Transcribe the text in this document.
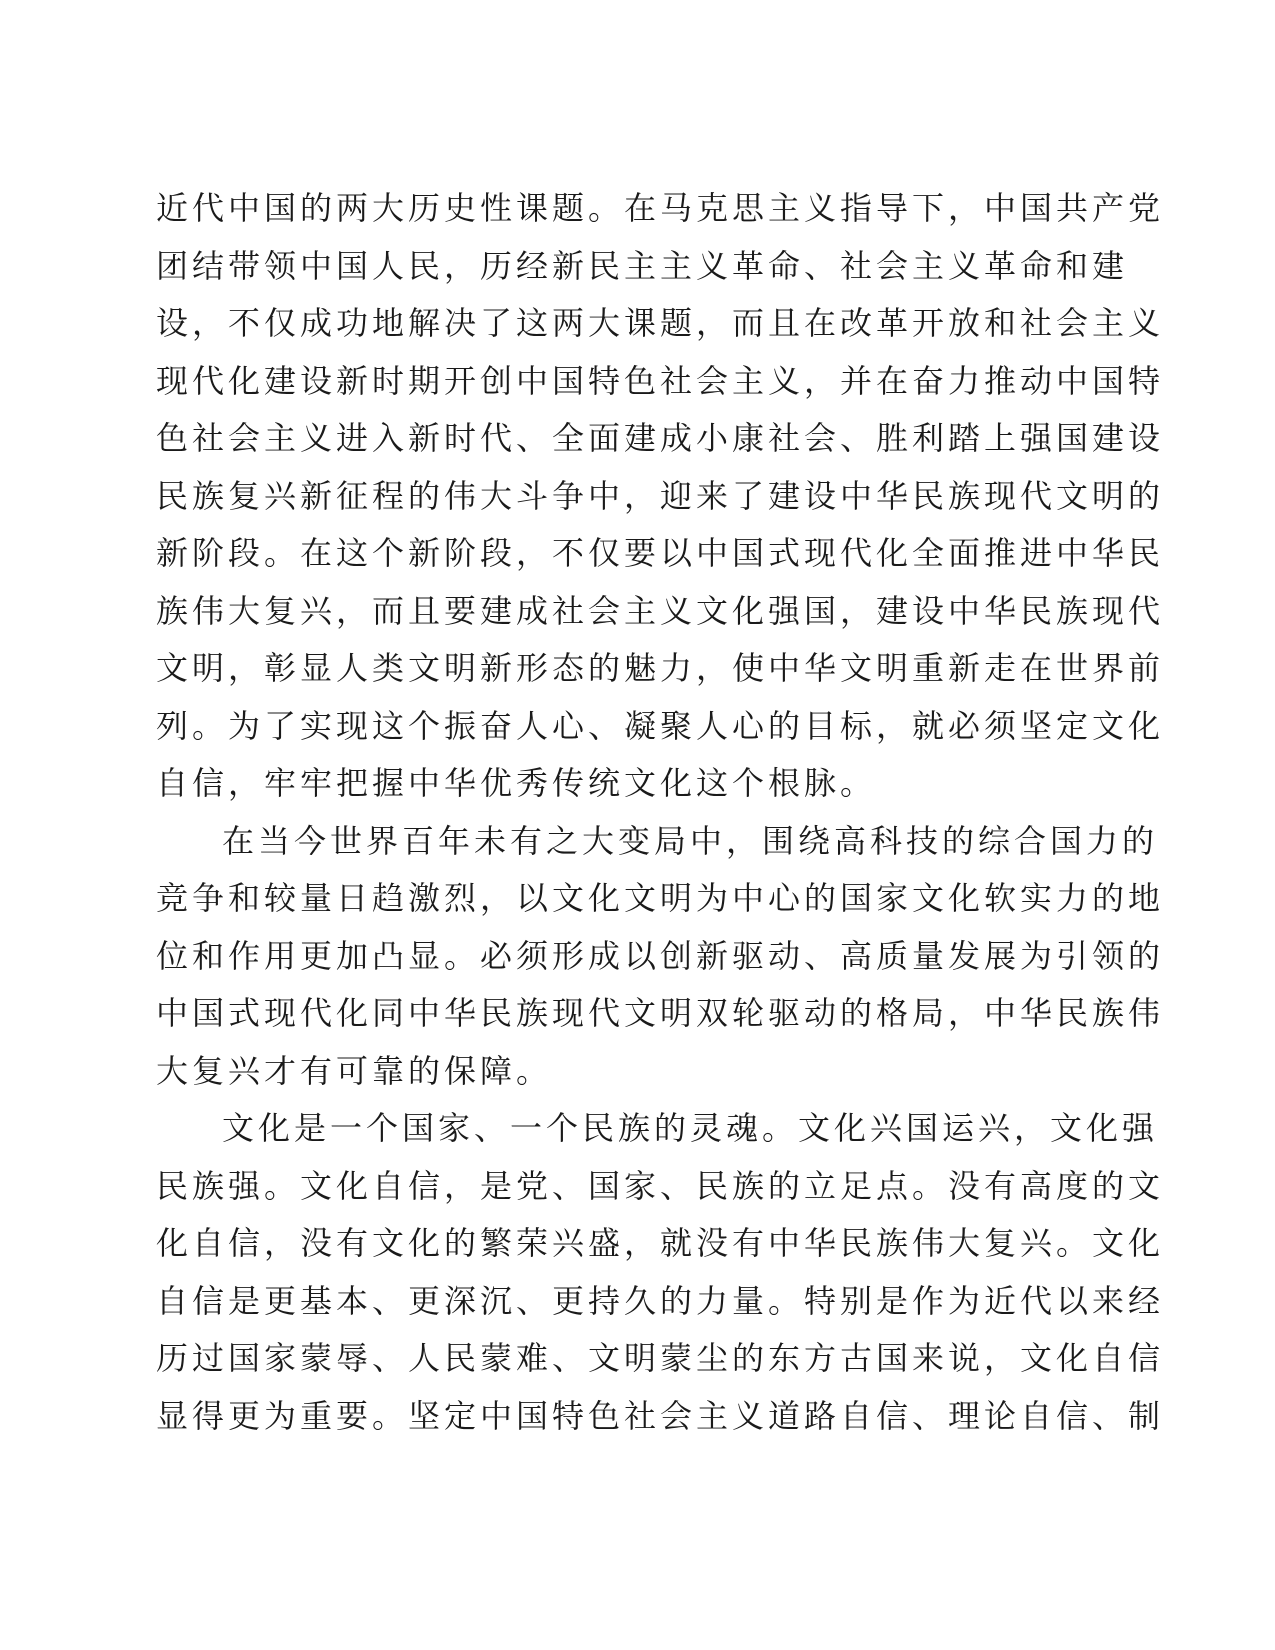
近代中国的两大历史性课题。在马克思主义指导下，中国共产党
团结带领中国人民，历经新民主主义革命、社会主义革命和建
设，不仅成功地解决了这两大课题，而且在改革开放和社会主义
现代化建设新时期开创中国特色社会主义，并在奋力推动中国特
色社会主义进入新时代、全面建成小康社会、胜利踏上强国建设
民族复兴新征程的伟大斗争中，迎来了建设中华民族现代文明的
新阶段。在这个新阶段，不仅要以中国式现代化全面推进中华民
族伟大复兴，而且要建成社会主义文化强国，建设中华民族现代
文明，彰显人类文明新形态的魅力，使中华文明重新走在世界前
列。为了实现这个振奋人心、凝聚人心的目标，就必须坚定文化
自信，牢牢把握中华优秀传统文化这个根脉。
在当今世界百年未有之大变局中，围绕高科技的综合国力的
竞争和较量日趋激烈，以文化文明为中心的国家文化软实力的地
位和作用更加凸显。必须形成以创新驱动、高质量发展为引领的
中国式现代化同中华民族现代文明双轮驱动的格局，中华民族伟
大复兴才有可靠的保障。
文化是一个国家、一个民族的灵魂。文化兴国运兴，文化强
民族强。文化自信，是党、国家、民族的立足点。没有高度的文
化自信，没有文化的繁荣兴盛，就没有中华民族伟大复兴。文化
自信是更基本、更深沉、更持久的力量。特别是作为近代以来经
历过国家蒙辱、人民蒙难、文明蒙尘的东方古国来说，文化自信
显得更为重要。坚定中国特色社会主义道路自信、理论自信、制
